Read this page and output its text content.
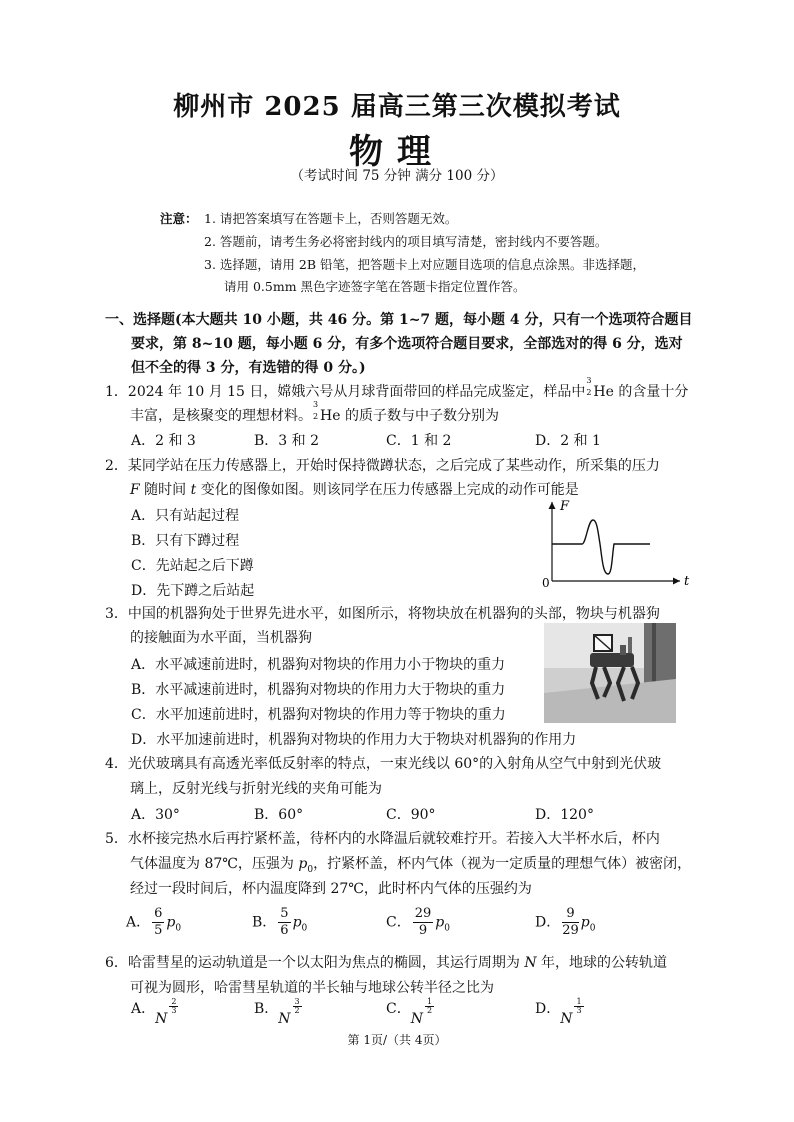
柳州市 2025 届高三第三次模拟考试
物理
（考试时间 75 分钟 满分 100 分）
注意： 1. 请把答案填写在答题卡上，否则答题无效。
2. 答题前，请考生务必将密封线内的项目填写清楚，密封线内不要答题。
3. 选择题，请用 2B 铅笔，把答题卡上对应题目选项的信息点涂黑。非选择题，
请用 0.5mm 黑色字迹签字笔在答题卡指定位置作答。
一、选择题(本大题共 10 小题，共 46 分。第 1~7 题，每小题 4 分，只有一个选项符合题目
要求，第 8~10 题，每小题 6 分，有多个选项符合题目要求，全部选对的得 6 分，选对
但不全的得 3 分，有选错的得 0 分。)
1．2024 年 10 月 15 日，嫦娥六号从月球背面带回的样品完成鉴定，样品中
3
2 He 的含量十分
丰富，是核聚变的理想材料。
3
2 He 的质子数与中子数分别为
A．2 和 3	B．3 和 2	C．1 和 2	D．2 和 1
2．某同学站在压力传感器上，开始时保持微蹲状态，之后完成了某些动作，所采集的压力
F 随时间 t 变化的图像如图。则该同学在压力传感器上完成的动作可能是
A．只有站起过程
B．只有下蹲过程
C．先站起之后下蹲
D．先下蹲之后站起
F
t
0
3．中国的机器狗处于世界先进水平，如图所示，将物块放在机器狗的头部，物块与机器狗
的接触面为水平面，当机器狗
A．水平减速前进时，机器狗对物块的作用力小于物块的重力
B．水平减速前进时，机器狗对物块的作用力大于物块的重力
C．水平加速前进时，机器狗对物块的作用力等于物块的重力
D．水平加速前进时，机器狗对物块的作用力大于物块对机器狗的作用力
4．光伏玻璃具有高透光率低反射率的特点，一束光线以 60°的入射角从空气中射到光伏玻
璃上，反射光线与折射光线的夹角可能为
A．30°	B．60°	C．90°	D．120°
5．水杯接完热水后再拧紧杯盖，待杯内的水降温后就较难拧开。若接入大半杯水后，杯内
气体温度为 87℃，压强为 $p_0$，拧紧杯盖，杯内气体（视为一定质量的理想气体）被密闭，
经过一段时间后，杯内温度降到 27℃，此时杯内气体的压强约为
A． $\frac{6}{5} p_0$	B． $\frac{5}{6} p_0$	C． $\frac{29}{9} p_0$	D． $\frac{9}{29} p_0$
6．哈雷彗星的运动轨道是一个以太阳为焦点的椭圆，其运行周期为 N 年，地球的公转轨道
可视为圆形，哈雷彗星轨道的半长轴与地球公转半径之比为
A．N
$\frac{2}{3}$	B．N
$\frac{3}{2}$	C．N
$\frac{1}{2}$	D．N
$\frac{1}{3}$
第 1页/（共 4页）
